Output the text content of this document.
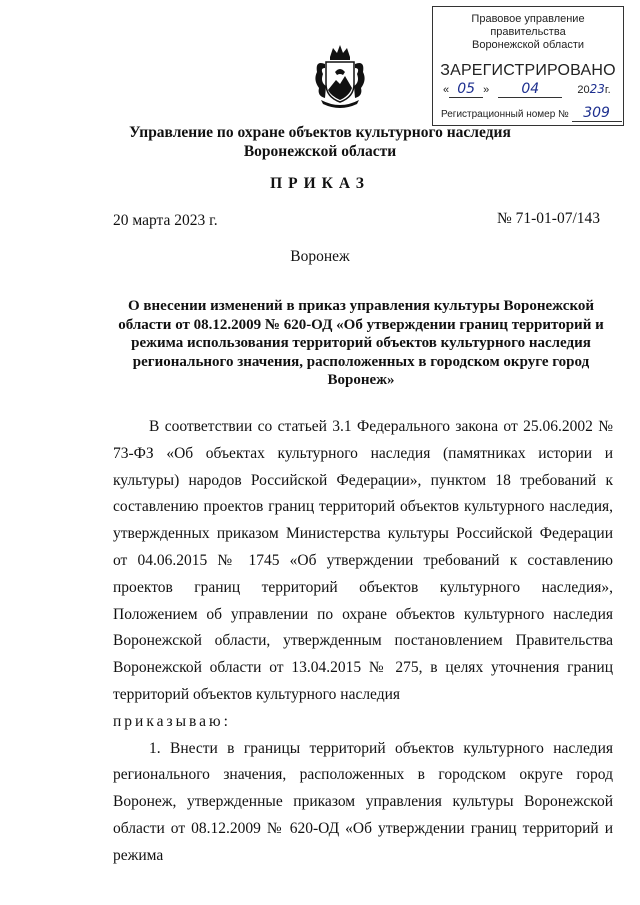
Правовое управление правительства
Воронежской области
ЗАРЕГИСТРИРОВАНО
« 05 » 04	2023г.
Регистрационный номер № 309
Управление по охране объектов культурного наследия
Воронежской области
ПРИКАЗ
20 марта 2023 г.	№ 71-01-07/143
Воронеж
О внесении изменений в приказ управления культуры Воронежской области от 08.12.2009 № 620-ОД «Об утверждении границ территорий и режима использования территорий объектов культурного наследия регионального значения, расположенных в городском округе город Воронеж»

В соответствии со статьей 3.1 Федерального закона от 25.06.2002 № 73-ФЗ «Об объектах культурного наследия (памятниках истории и культуры) народов Российской Федерации», пунктом 18 требований к составлению проектов границ территорий объектов культурного наследия, утвержденных приказом Министерства культуры Российской Федерации от 04.06.2015 № 1745 «Об утверждении требований к составлению проектов границ территорий объектов культурного наследия», Положением об управлении по охране объектов культурного наследия Воронежской области, утвержденным постановлением Правительства Воронежской области от 13.04.2015 № 275, в целях уточнения границ территорий объектов культурного наследия

приказываю:

1. Внести в границы территорий объектов культурного наследия регионального значения, расположенных в городском округе город Воронеж, утвержденные приказом управления культуры Воронежской области от 08.12.2009 № 620-ОД «Об утверждении границ территорий и режима
